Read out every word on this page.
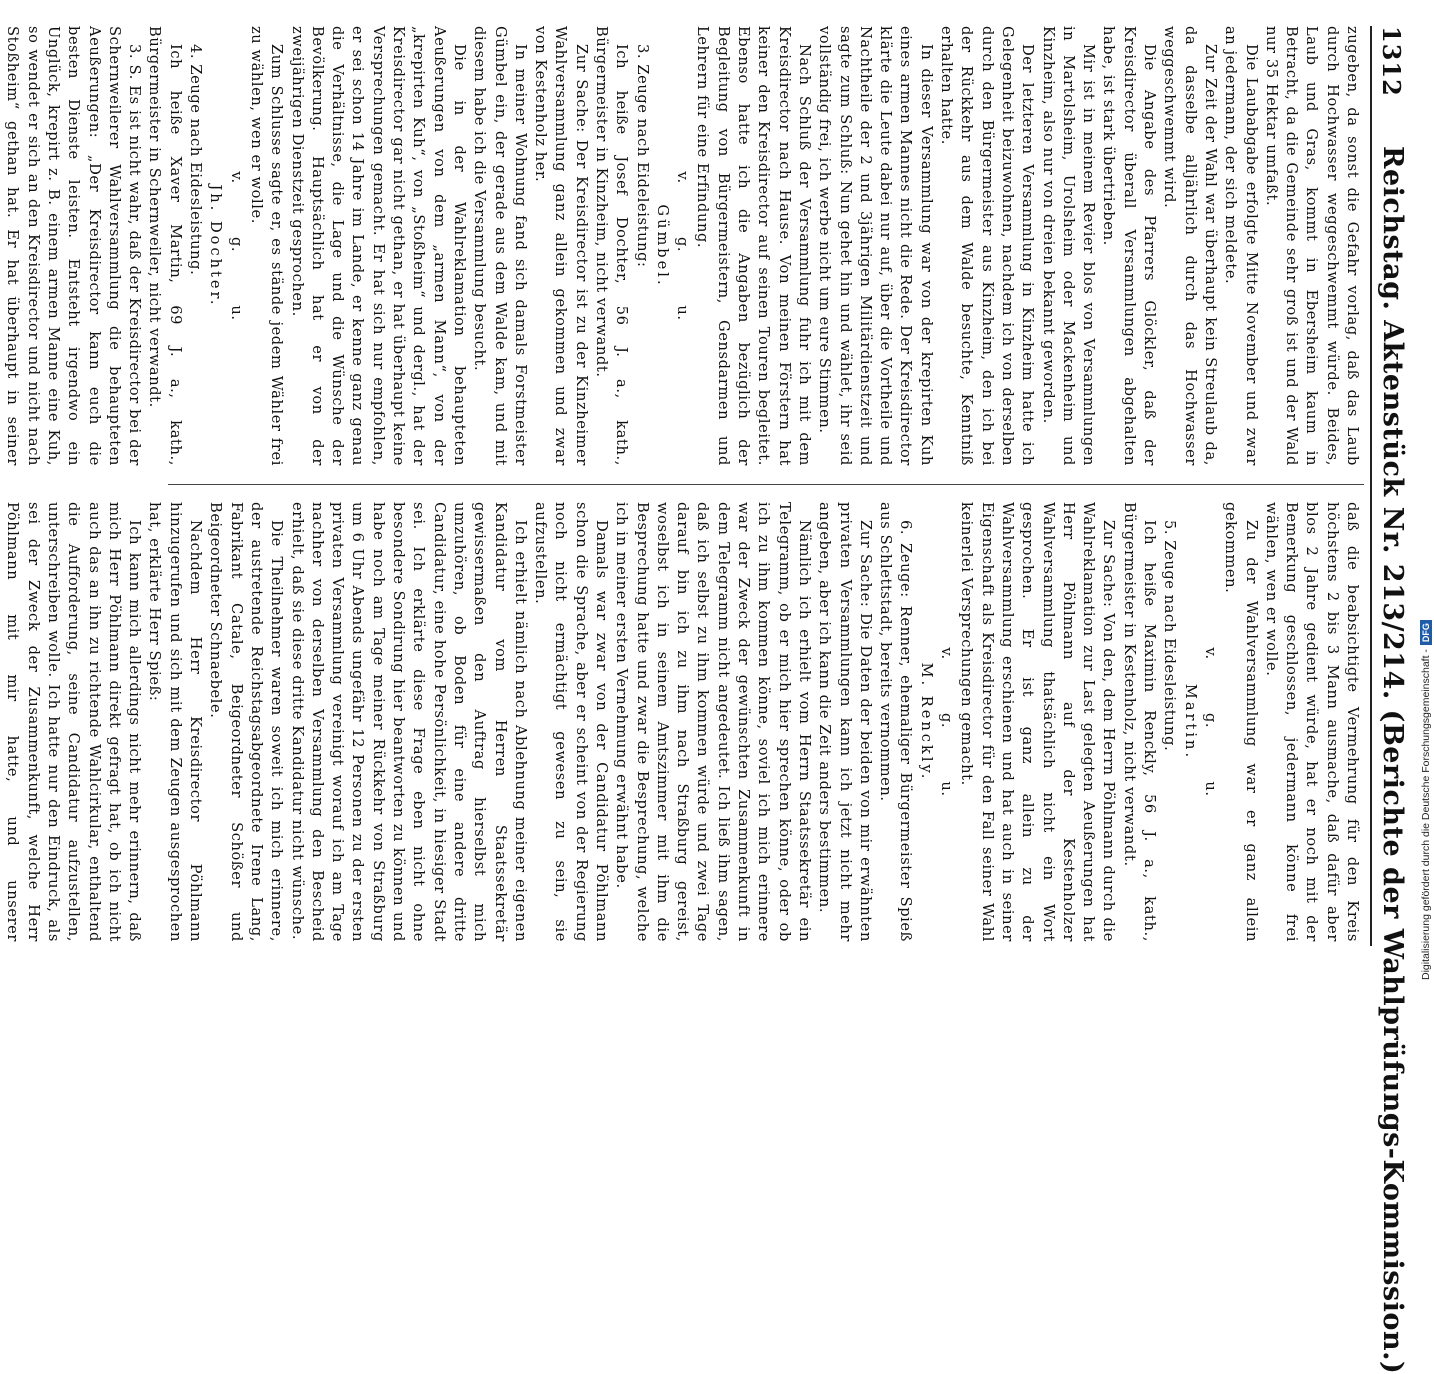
1312
Reichstag. Aktenstück Nr. 213/214. (Berichte der Wahlprüfungs-Kommission.)
zugeben, da sonst die Gefahr vorlag, daß das Laub durch Hochwasser weggeschwemmt würde. Beides, Laub und Gras, kommt in Ebersheim kaum in Betracht, da die Gemeinde sehr groß ist und der Wald nur 35 Hektar umfaßt.
Die Laubabgabe erfolgte Mitte November und zwar an jedermann, der sich meldete.
Zur Zeit der Wahl war überhaupt kein Streulaub da, da dasselbe alljährlich durch das Hochwasser weggeschwemmt wird.
Die Angabe des Pfarrers Glöckler, daß der Kreisdirector überall Versammlungen abgehalten habe, ist stark übertrieben.
Mir ist in meinem Revier blos von Versammlungen in Martolsheim, Urolsheim oder Mackenheim und Kinzheim, also nur von dreien bekannt geworden.
Der letzteren Versammlung in Kinzheim hatte ich Gelegenheit beizuwohnen, nachdem ich von derselben durch den Bürgermeister aus Kinzheim, den ich bei der Rückkehr aus dem Walde besuchte, Kenntniß erhalten hatte.
In dieser Versammlung war von der krepirten Kuh eines armen Mannes nicht die Rede. Der Kreisdirector klärte die Leute dabei nur auf, über die Vortheile und Nachtheile der 2 und 3jährigen Militärdienstzeit und sagte zum Schluß: Nun gehet hin und wählet, ihr seid vollständig frei, ich werbe nicht um eure Stimmen.
Nach Schluß der Versammlung fuhr ich mit dem Kreisdirector nach Hause. Von meinen Förstern hat keiner den Kreisdirector auf seinen Touren begleitet. Ebenso hatte ich die Angaben bezüglich der Begleitung von Bürgermeistern, Gensdarmen und Lehrern für eine Erfindung.
v. g. u.
Gümbel.
3. Zeuge nach Eideleistung:
Ich heiße Josef Dochter, 56 J. a., kath., Bürgermeister in Kinzheim, nicht verwandt.
Zur Sache: Der Kreisdirector ist zu der Kinzheimer Wahlversammlung ganz allein gekommen und zwar von Kestenholz her.
In meiner Wohnung fand sich damals Forstmeister Gümbel ein, der gerade aus dem Walde kam, und mit diesem habe ich die Versammlung besucht.
Die in der Wahlreklamation behaupteten Aeußerungen von dem „armen Mann“, von der „krepirten Kuh“, von „Stoßheim“ und dergl., hat der Kreisdirector gar nicht gethan, er hat überhaupt keine Versprechungen gemacht. Er hat sich nur empfohlen, er sei schon 14 Jahre im Lande, er kenne ganz genau die Verhältnisse, die Lage und die Wünsche der Bevölkerung. Hauptsächlich hat er von der zweijährigen Dienstzeit gesprochen.
Zum Schlusse sagte er, es stände jedem Wähler frei zu wählen, wen er wolle.
v. g. u.
Jh. Dochter.
4. Zeuge nach Eidesleistung.
Ich heiße Xaver Martin, 69 J. a., kath., Bürgermeister in Schernweiler, nicht verwandt.
3. S. Es ist nicht wahr, daß der Kreisdirector bei der Schernweilerer Wahlversammlung die behaupteten Aeußerungen: „Der Kreisdirector kann euch die besten Dienste leisten. Entsteht irgendwo ein Unglück, krepirt z. B. einem armen Manne eine Kuh, so wendet er sich an den Kreisdirector und nicht nach Stoßheim“ gethan hat. Er hat überhaupt in seiner
daß die beabsichtigte Vermehrung für den Kreis höchstens 2 bis 3 Mann ausmache, daß dafür aber blos 2 Jahre gedient würde, hat er noch mit der Bemerkung geschlossen, jedermann könne frei wählen, wen er wolle.
Zu der Wahlversammlung war er ganz allein gekommen.
v. g. u.
Martin.
5. Zeuge nach Eidesleistung.
Ich heiße Maximin Renckly, 56 J. a., kath., Bürgermeister in Kestenholz, nicht verwandt.
Zur Sache: Von den, dem Herrn Pöhlmann durch die Wahlreklamation zur Last gelegten Aeußerungen hat Herr Pöhlmann auf der Kestenholzer Wahlversammlung thatsächlich nicht ein Wort gesprochen. Er ist ganz allein zu der Wahlversammlung erschienen und hat auch in seiner Eigenschaft als Kreisdirector für den Fall seiner Wahl keinerlei Versprechungen gemacht.
v. g. u.
M. Renckly.
6. Zeuge: Renner, ehemaliger Bürgermeister Spieß aus Schlettstadt, bereits vernommen.
Zur Sache: Die Daten der beiden von mir erwähnten privaten Versammlungen kann ich jetzt nicht mehr angeben, aber ich kann die Zeit anders bestimmen.
Nämlich ich erhielt vom Herrn Staatssekretär ein Telegramm, ob er mich hier sprechen könne, oder ob ich zu ihm kommen könne, soviel ich mich erinnere war der Zweck der gewünschten Zusammenkunft in dem Telegramm nicht angedeutet. Ich ließ ihm sagen, daß ich selbst zu ihm kommen würde und zwei Tage darauf bin ich zu ihm nach Straßburg gereist, woselbst ich in seinem Amtszimmer mit ihm die Besprechung hatte und zwar die Besprechung, welche ich in meiner ersten Vernehmung erwähnt habe.
Damals war zwar von der Candidatur Pöhlmann schon die Sprache, aber er scheint von der Regierung noch nicht ermächtigt gewesen zu sein, sie aufzustellen.
Ich erhielt nämlich nach Ablehnung meiner eigenen Kandidatur vom Herren Staatssekretär gewissermaßen den Auftrag hierselbst mich umzuhören, ob Boden für eine andere dritte Candidatur, eine hohe Persönlichkeit, in hiesiger Stadt sei. Ich erklärte diese Frage eben nicht ohne besondere Sondirung hier beantworten zu können und habe noch am Tage meiner Rückkehr von Straßburg um 6 Uhr Abends ungefähr 12 Personen zu der ersten privaten Versammlung vereinigt worauf ich am Tage nachher von derselben Versammlung den Bescheid erhielt, daß sie diese dritte Kandidatur nicht wünsche.
Die Theilnehmer waren soweit ich mich erinnere, der austretende Reichstagsabgeordnete Irene Lang, Fabrikant Catale, Beigeordneter Schößer und Beigeordneter Schnaebele.
Nachdem Herr Kreisdirector Pöhlmann hinzugerufen und sich mit dem Zeugen ausgesprochen hat, erklärte Herr Spieß:
Ich kann mich allerdings nicht mehr erinnern, daß mich Herr Pöhlmann direkt gefragt hat, ob ich nicht auch das an ihn zu richtende Wahlcirkular, enthaltend die Aufforderung, seine Candidatur aufzustellen, unterschreiben wolle. Ich hatte nur den Eindruck, als sei der Zweck der Zusammenkunft, welche Herr Pöhlmann mit mir hatte, und unserer	Digitalisierung gefördert durch die Deutsche Forschungsgemeinschaft -DFG
